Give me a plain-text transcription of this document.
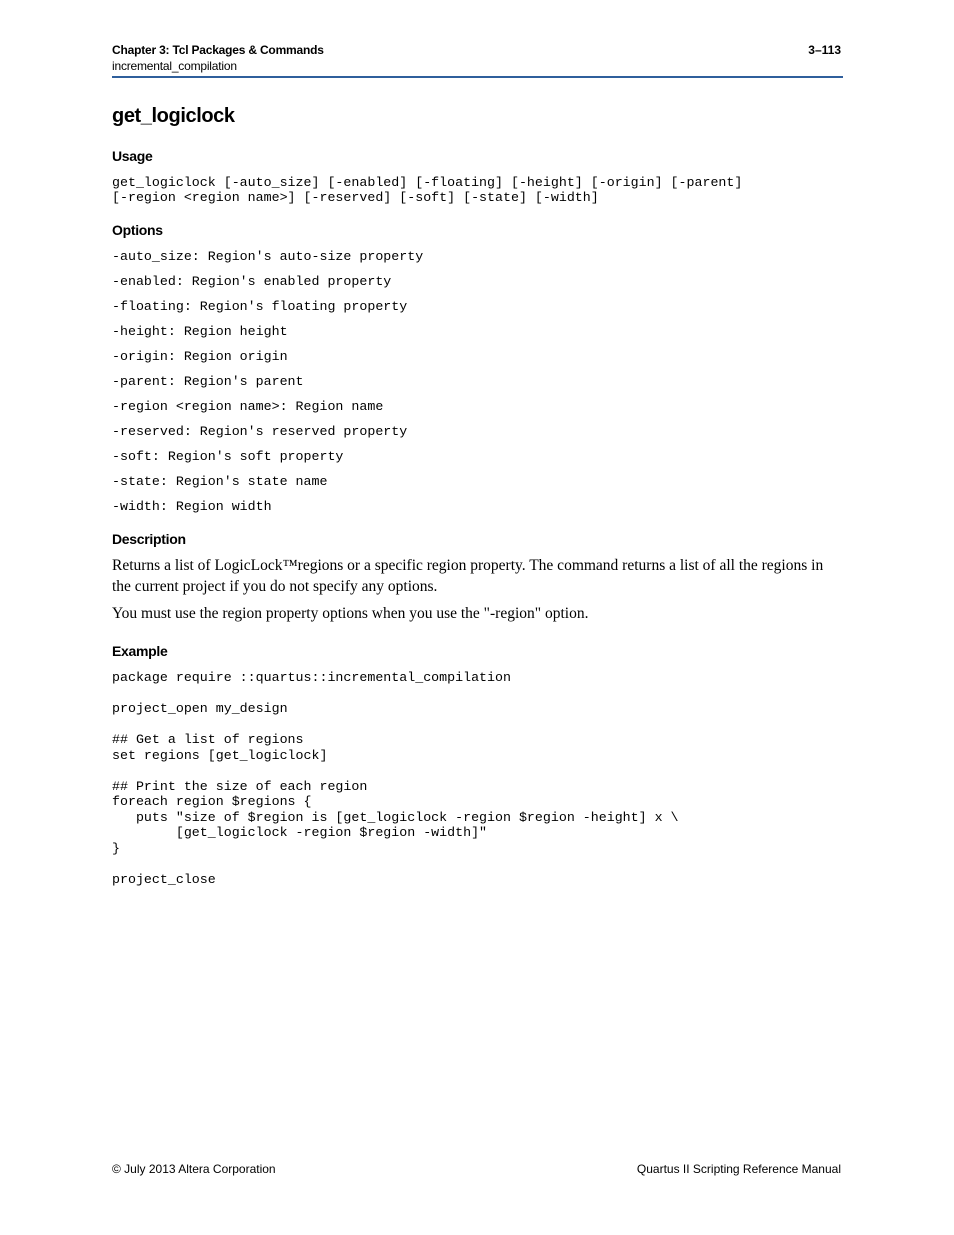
Chapter 3: Tcl Packages & Commands
incremental_compilation
3–113
get_logiclock
Usage
get_logiclock [-auto_size] [-enabled] [-floating] [-height] [-origin] [-parent]
[-region <region name>] [-reserved] [-soft] [-state] [-width]
Options
-auto_size: Region's auto-size property
-enabled: Region's enabled property
-floating: Region's floating property
-height: Region height
-origin: Region origin
-parent: Region's parent
-region <region name>: Region name
-reserved: Region's reserved property
-soft: Region's soft property
-state: Region's state name
-width: Region width
Description

Returns a list of LogicLock™regions or a specific region property. The command returns a list of all the regions in the current project if you do not specify any options.

You must use the region property options when you use the "-region" option.

Example
package require ::quartus::incremental_compilation

project_open my_design

## Get a list of regions
set regions [get_logiclock]

## Print the size of each region
foreach region $regions {
puts "size of $region is [get_logiclock -region $region -height] x \
[get_logiclock -region $region -width]"
}

project_close
© July 2013 Altera Corporation	Quartus II Scripting Reference Manual
